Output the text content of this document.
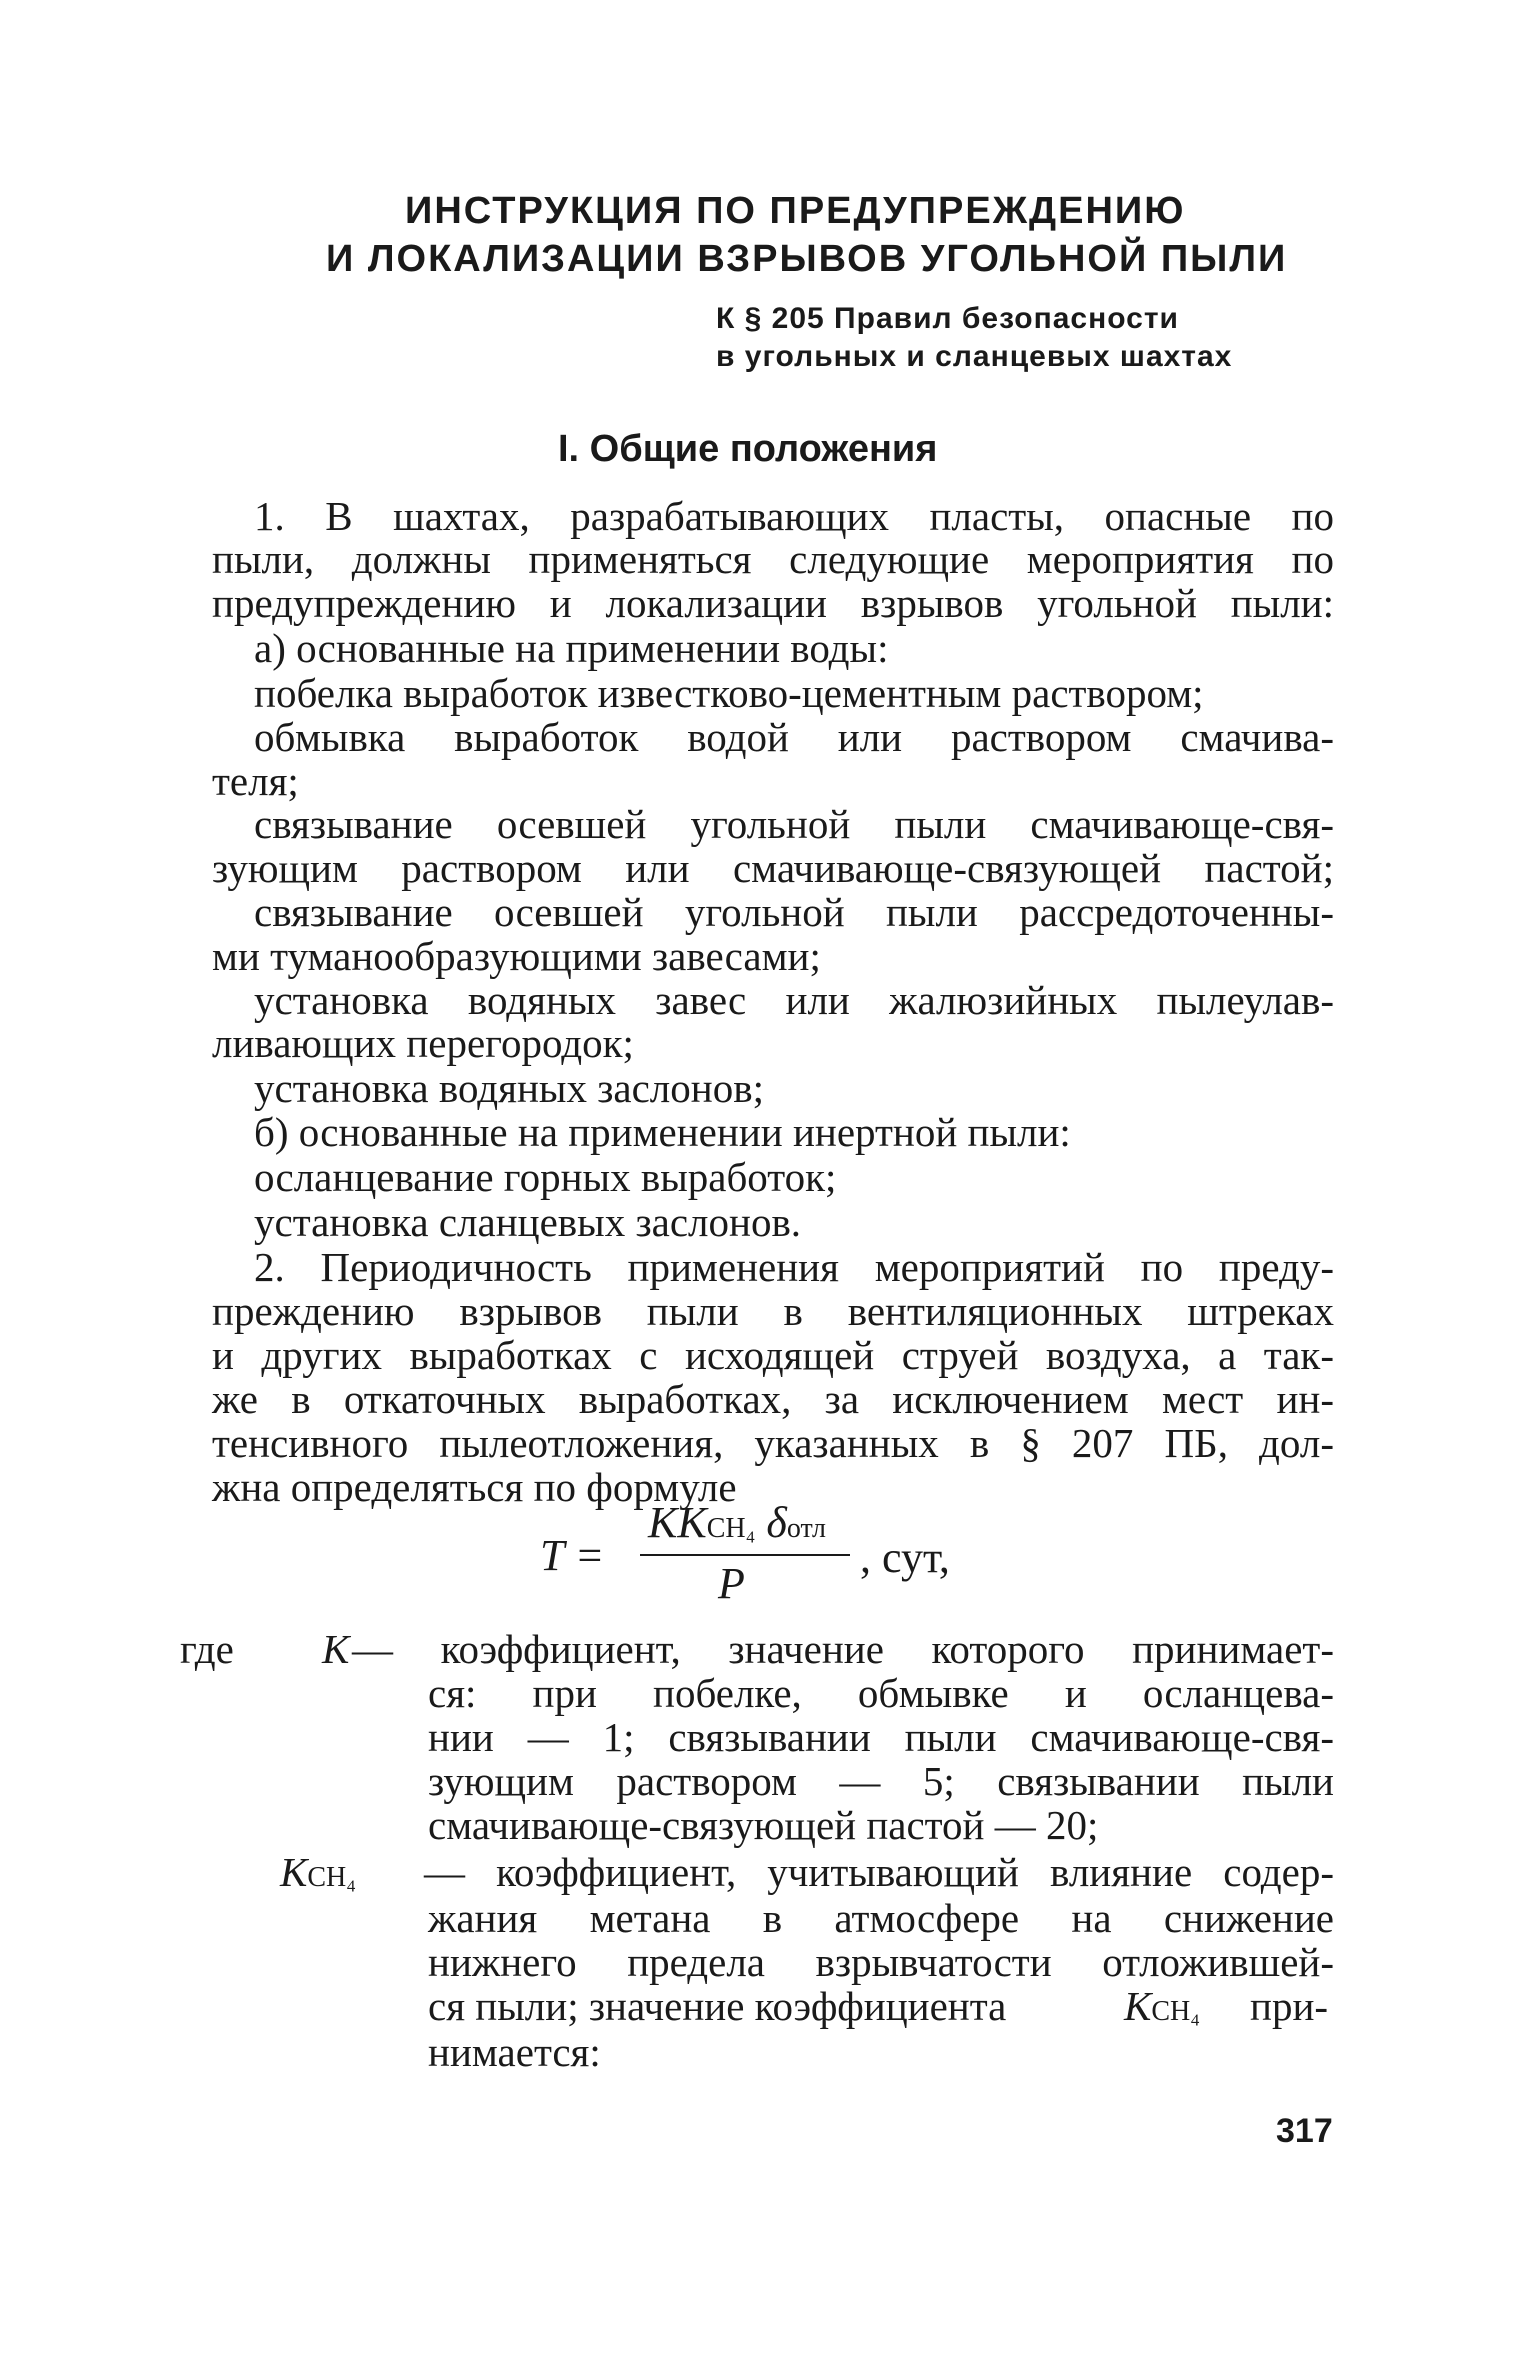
ИНСТРУКЦИЯ ПО ПРЕДУПРЕЖДЕНИЮ
И ЛОКАЛИЗАЦИИ ВЗРЫВОВ УГОЛЬНОЙ ПЫЛИ
К § 205 Правил безопасности
в угольных и сланцевых шахтах
I. Общие положения
1. В шахтах, разрабатывающих пласты, опасные по
пыли, должны применяться следующие мероприятия по
предупреждению и локализации взрывов угольной пыли:
а) основанные на применении воды:
побелка выработок известково-цементным раствором;
обмывка выработок водой или раствором смачива-
теля;
связывание осевшей угольной пыли смачивающе-свя-
зующим раствором или смачивающе-связующей пастой;
связывание осевшей угольной пыли рассредоточенны-
ми туманообразующими завесами;
установка водяных завес или жалюзийных пылеулав-
ливающих перегородок;
установка водяных заслонов;
б) основанные на применении инертной пыли:
осланцевание горных выработок;
установка сланцевых заслонов.
2. Периодичность применения мероприятий по преду-
преждению взрывов пыли в вентиляционных штреках
и других выработках с исходящей струей воздуха, а так-
же в откаточных выработках, за исключением мест ин-
тенсивного пылеотложения, указанных в § 207 ПБ, дол-
жна определяться по формуле
T =
KKCH₄ δотл
P
, сут,
где K — коэффициент, значение которого принимает-
ся: при побелке, обмывке и осланцева-
нии — 1; связывании пыли смачивающе-свя-
зующим раствором — 5; связывании пыли
смачивающе-связующей пастой — 20;
KCH₄ — коэффициент, учитывающий влияние содер-
жания метана в атмосфере на снижение
нижнего предела взрывчатости отложившей-
ся пыли; значение коэффициента	KCH₄ при-
нимается:
317
